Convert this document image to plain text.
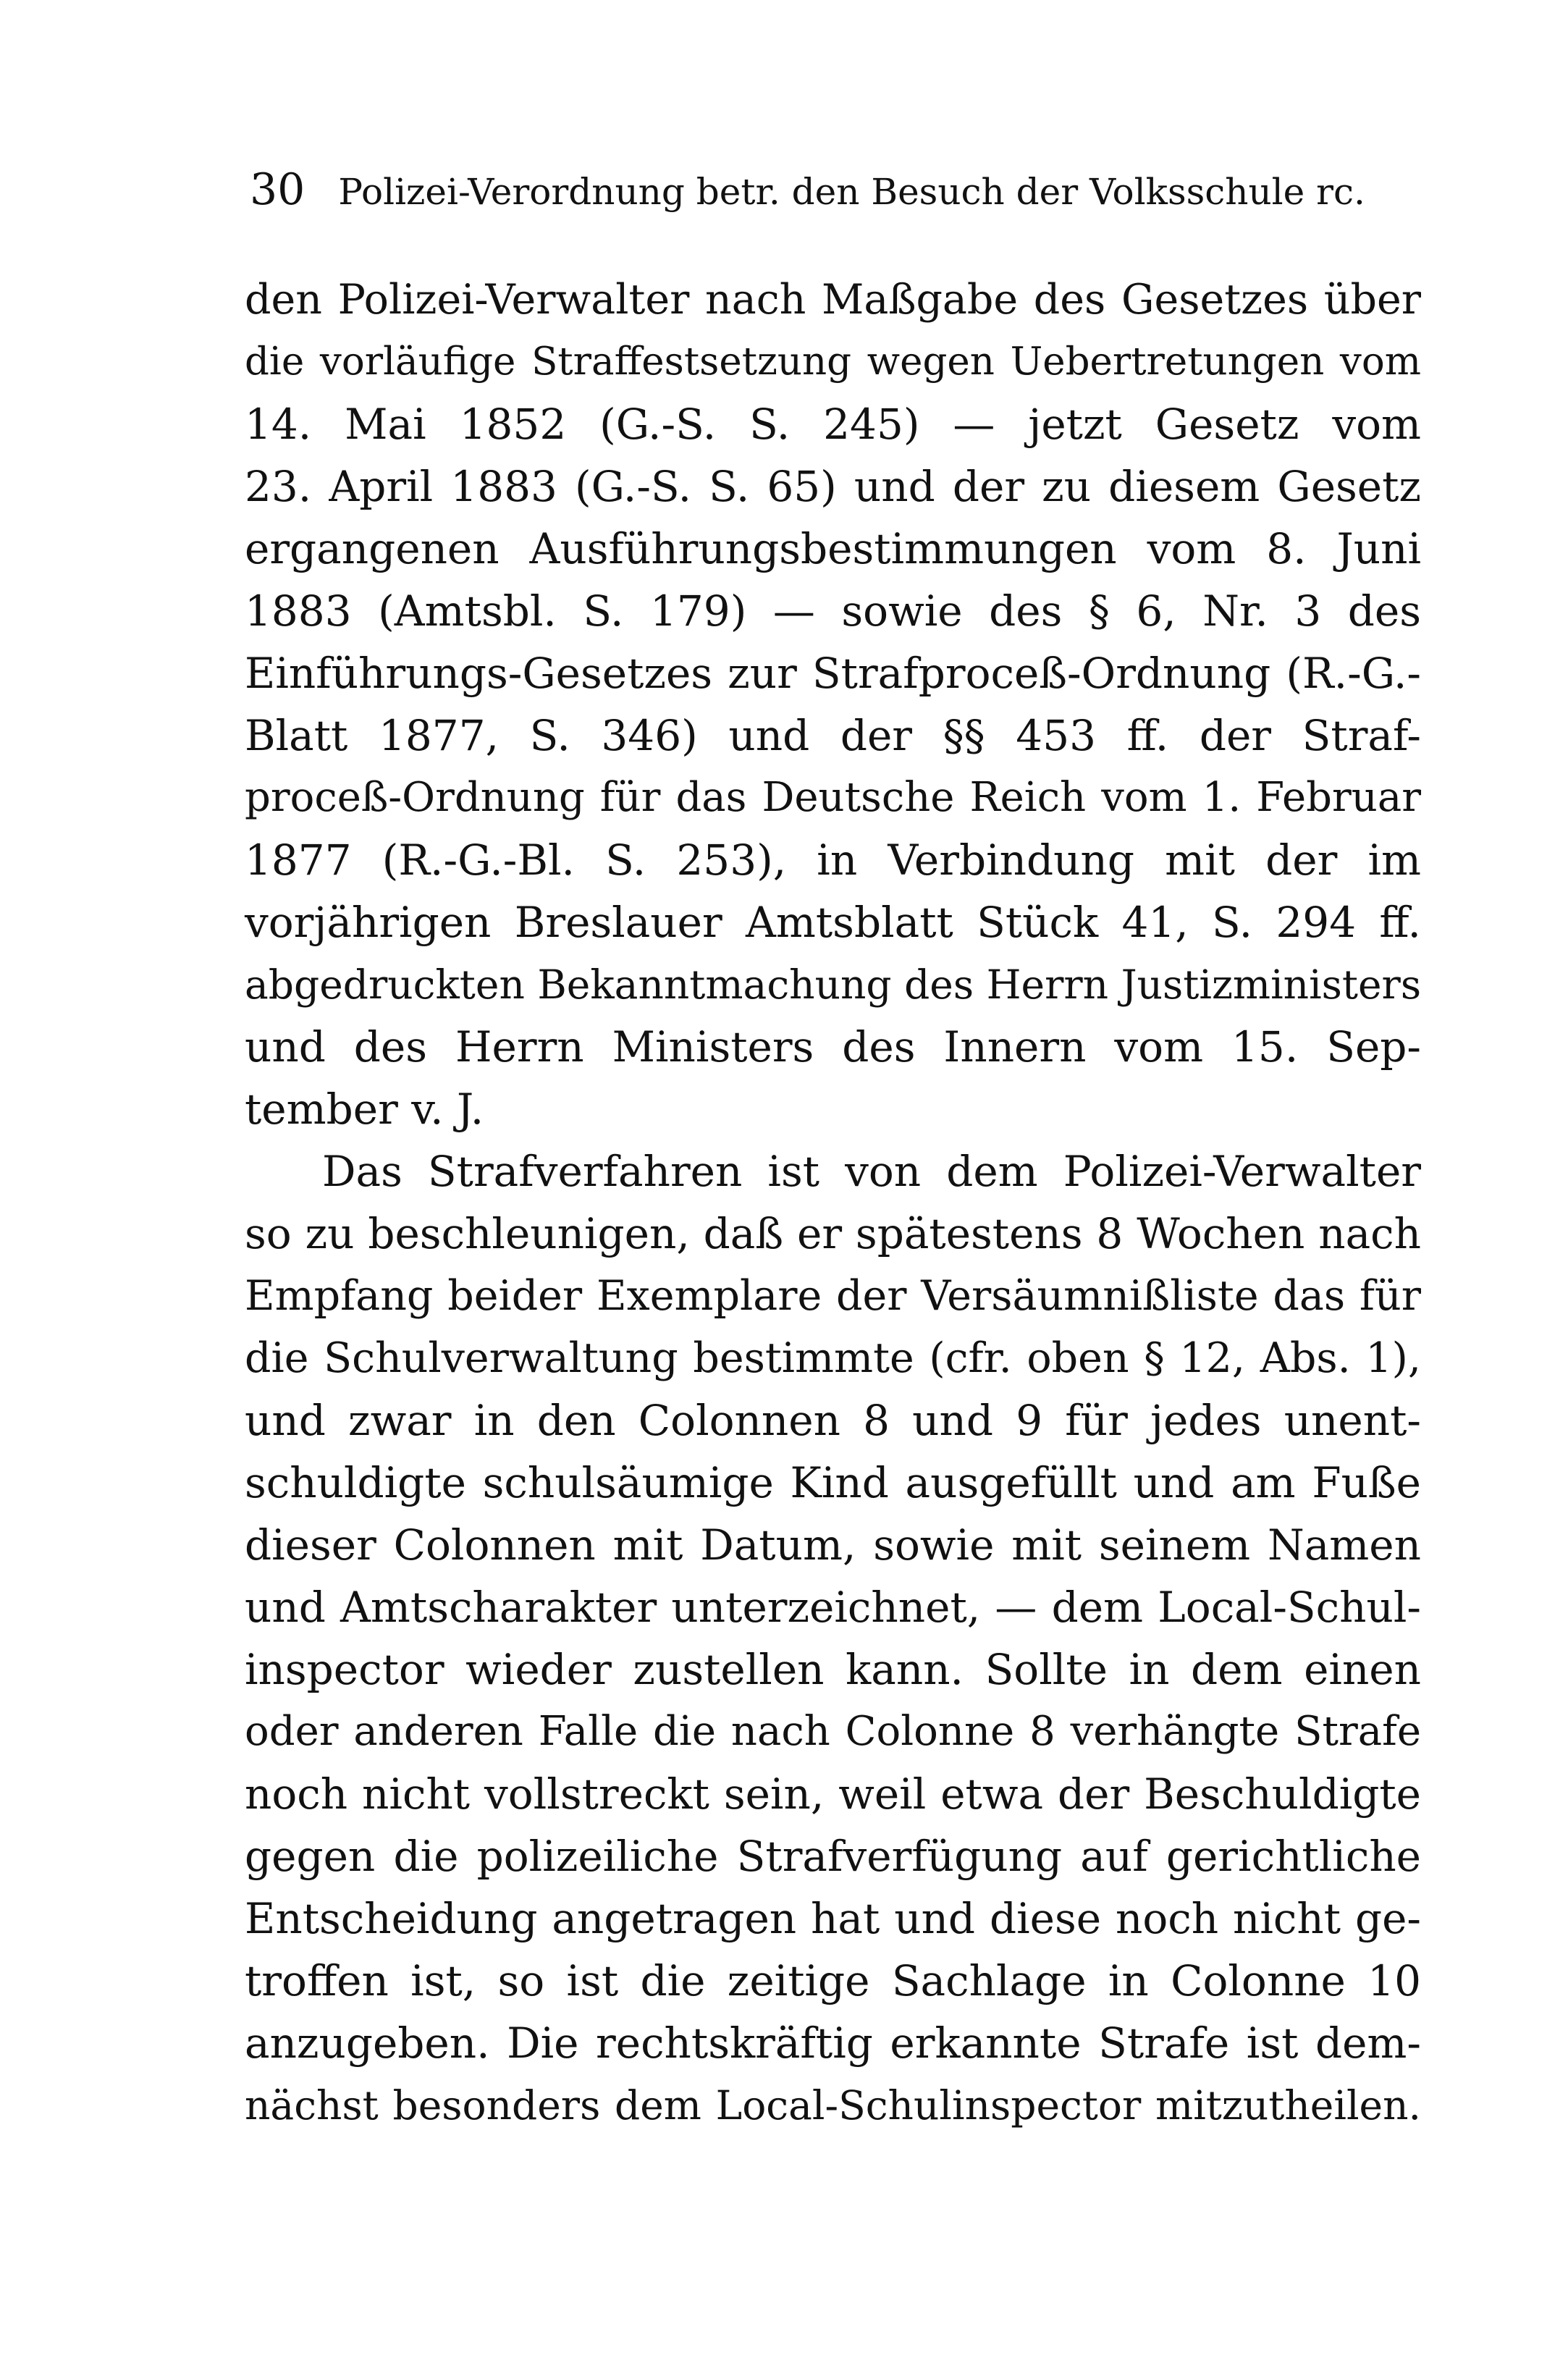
30 Polizei-Verordnung betr. den Besuch der Volksschule rc.
den Polizei-Verwalter nach Maßgabe des Gesetzes über
die vorläufige Straffestsetzung wegen Uebertretungen vom
14. Mai 1852 (G.-S. S. 245) — jetzt Gesetz vom
23. April 1883 (G.-S. S. 65) und der zu diesem Gesetz
ergangenen Ausführungsbestimmungen vom 8. Juni
1883 (Amtsbl. S. 179) — sowie des § 6, Nr. 3 des
Einführungs-Gesetzes zur Strafproceß-Ordnung (R.-G.-
Blatt 1877, S. 346) und der §§ 453 ff. der Straf-
proceß-Ordnung für das Deutsche Reich vom 1. Februar
1877 (R.-G.-Bl. S. 253), in Verbindung mit der im
vorjährigen Breslauer Amtsblatt Stück 41, S. 294 ff.
abgedruckten Bekanntmachung des Herrn Justizministers
und des Herrn Ministers des Innern vom 15. Sep-
tember v. J.
Das Strafverfahren ist von dem Polizei-Verwalter
so zu beschleunigen, daß er spätestens 8 Wochen nach
Empfang beider Exemplare der Versäumnißliste das für
die Schulverwaltung bestimmte (cfr. oben § 12, Abs. 1),
und zwar in den Colonnen 8 und 9 für jedes unent-
schuldigte schulsäumige Kind ausgefüllt und am Fuße
dieser Colonnen mit Datum, sowie mit seinem Namen
und Amtscharakter unterzeichnet, — dem Local-Schul-
inspector wieder zustellen kann. Sollte in dem einen
oder anderen Falle die nach Colonne 8 verhängte Strafe
noch nicht vollstreckt sein, weil etwa der Beschuldigte
gegen die polizeiliche Strafverfügung auf gerichtliche
Entscheidung angetragen hat und diese noch nicht ge-
troffen ist, so ist die zeitige Sachlage in Colonne 10
anzugeben. Die rechtskräftig erkannte Strafe ist dem-
nächst besonders dem Local-Schulinspector mitzutheilen.
